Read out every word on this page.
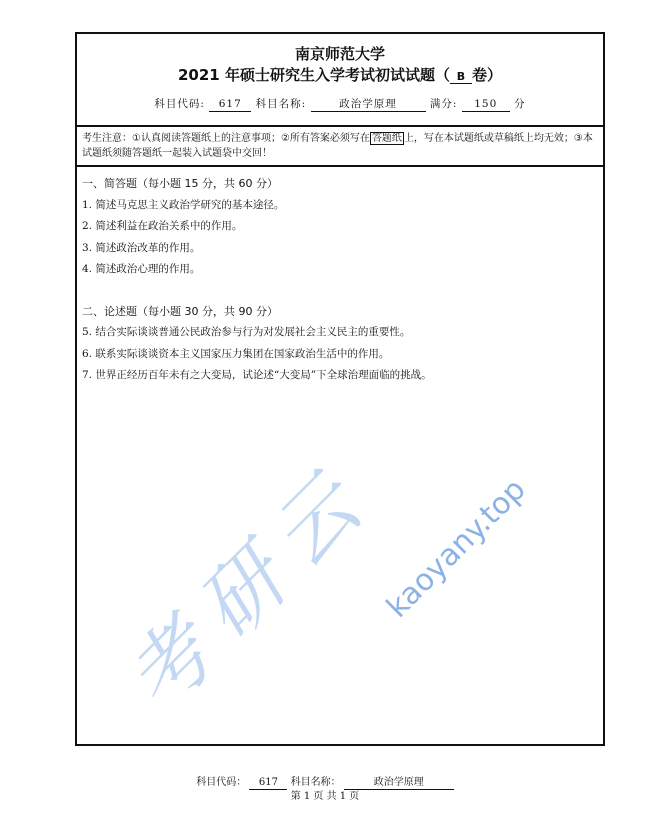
南京师范大学
2021 年硕士研究生入学考试初试试题（ B 卷）
科目代码: 617 科目名称:	政治学原理	满分: 150 分
考生注意：①认真阅读答题纸上的注意事项；②所有答案必须写在 答题纸 上，写在本试题纸或草稿纸上均无效；③本试题纸须随答题纸一起装入试题袋中交回！
一、简答题（每小题 15 分，共 60 分）
1. 简述马克思主义政治学研究的基本途径。
2. 简述利益在政治关系中的作用。
3. 简述政治改革的作用。
4. 简述政治心理的作用。
二、论述题（每小题 30 分，共 90 分）
5. 结合实际谈谈普通公民政治参与行为对发展社会主义民主的重要性。
6. 联系实际谈谈资本主义国家压力集团在国家政治生活中的作用。
7. 世界正经历百年未有之大变局，试论述“大变局”下全球治理面临的挑战。
考研云
kaoyany.top
科目代码： 617 科目名称：	政治学原理
第 1 页 共 1 页
